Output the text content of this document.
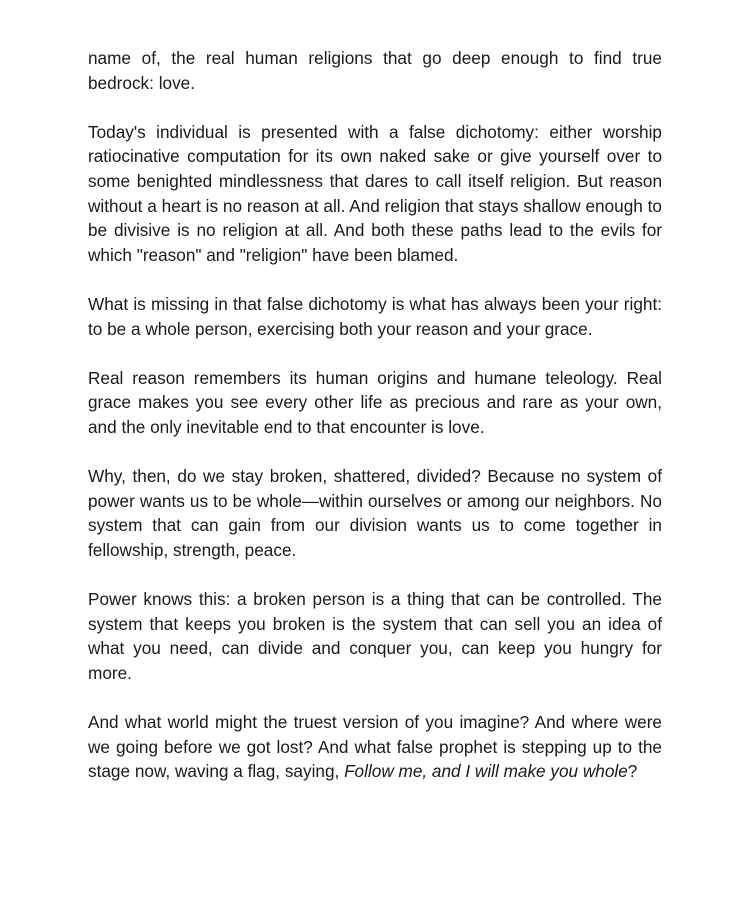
name of, the real human religions that go deep enough to find true bedrock: love.

Today's individual is presented with a false dichotomy: either worship ratiocinative computation for its own naked sake or give yourself over to some benighted mindlessness that dares to call itself religion. But reason without a heart is no reason at all. And religion that stays shallow enough to be divisive is no religion at all. And both these paths lead to the evils for which "reason" and "religion" have been blamed.

What is missing in that false dichotomy is what has always been your right: to be a whole person, exercising both your reason and your grace.

Real reason remembers its human origins and humane teleology. Real grace makes you see every other life as precious and rare as your own, and the only inevitable end to that encounter is love.

Why, then, do we stay broken, shattered, divided? Because no system of power wants us to be whole—within ourselves or among our neighbors. No system that can gain from our division wants us to come together in fellowship, strength, peace.

Power knows this: a broken person is a thing that can be controlled. The system that keeps you broken is the system that can sell you an idea of what you need, can divide and conquer you, can keep you hungry for more.

And what world might the truest version of you imagine? And where were we going before we got lost? And what false prophet is stepping up to the stage now, waving a flag, saying, Follow me, and I will make you whole?
